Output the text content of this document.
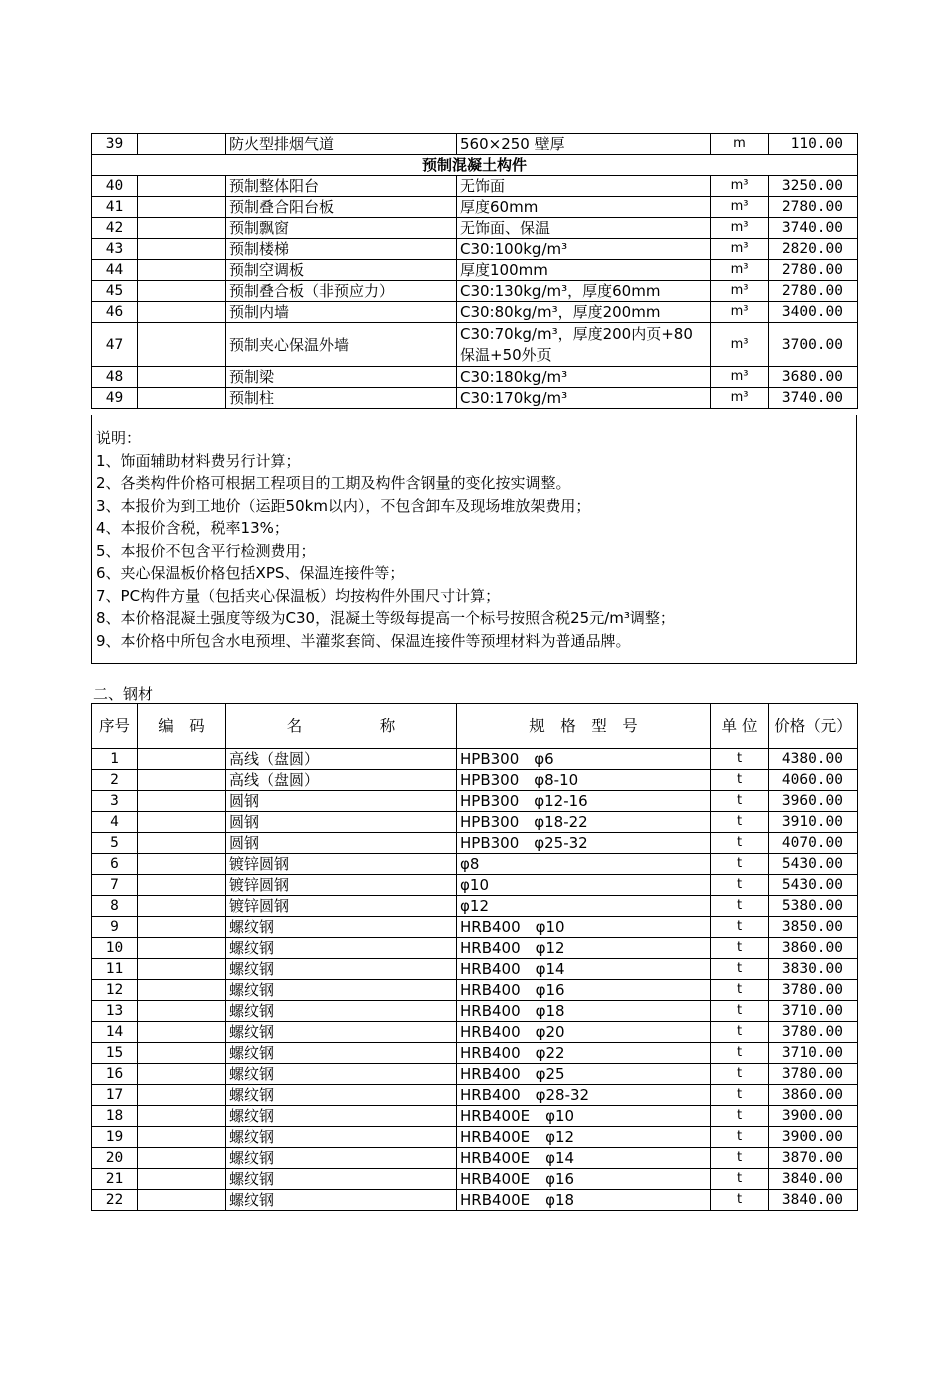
39		防火型排烟气道	560×250 壁厚	m	110.00
预制混凝土构件					
40		预制整体阳台	无饰面	m³	3250.00
41		预制叠合阳台板	厚度60mm	m³	2780.00
42		预制飘窗	无饰面、保温	m³	3740.00
43		预制楼梯	C30:100kg/m³	m³	2820.00
44		预制空调板	厚度100mm	m³	2780.00
45		预制叠合板（非预应力）	C30:130kg/m³，厚度60mm	m³	2780.00
46		预制内墙	C30:80kg/m³，厚度200mm	m³	3400.00
47		预制夹心保温外墙	C30:70kg/m³，厚度200内页+80保温+50外页	m³	3700.00
48		预制梁	C30:180kg/m³	m³	3680.00
49		预制柱	C30:170kg/m³	m³	3740.00
说明：
1、饰面辅助材料费另行计算；
2、各类构件价格可根据工程项目的工期及构件含钢量的变化按实调整。
3、本报价为到工地价（运距50km以内），不包含卸车及现场堆放架费用；
4、本报价含税，税率13%；
5、本报价不包含平行检测费用；
6、夹心保温板价格包括XPS、保温连接件等；
7、PC构件方量（包括夹心保温板）均按构件外围尺寸计算；
8、本价格混凝土强度等级为C30，混凝土等级每提高一个标号按照含税25元/m³调整；
9、本价格中所包含水电预埋、半灌浆套筒、保温连接件等预埋材料为普通品牌。
二、钢材
序号	编　码	名　　　　　称	规　格　型　号	单 位	价格（元）
1		高线（盘圆）	HPB300　φ6	t	4380.00
2		高线（盘圆）	HPB300　φ8-10	t	4060.00
3		圆钢	HPB300　φ12-16	t	3960.00
4		圆钢	HPB300　φ18-22	t	3910.00
5		圆钢	HPB300　φ25-32	t	4070.00
6		镀锌圆钢	φ8	t	5430.00
7		镀锌圆钢	φ10	t	5430.00
8		镀锌圆钢	φ12	t	5380.00
9		螺纹钢	HRB400　φ10	t	3850.00
10		螺纹钢	HRB400　φ12	t	3860.00
11		螺纹钢	HRB400　φ14	t	3830.00
12		螺纹钢	HRB400　φ16	t	3780.00
13		螺纹钢	HRB400　φ18	t	3710.00
14		螺纹钢	HRB400　φ20	t	3780.00
15		螺纹钢	HRB400　φ22	t	3710.00
16		螺纹钢	HRB400　φ25	t	3780.00
17		螺纹钢	HRB400　φ28-32	t	3860.00
18		螺纹钢	HRB400E　φ10	t	3900.00
19		螺纹钢	HRB400E　φ12	t	3900.00
20		螺纹钢	HRB400E　φ14	t	3870.00
21		螺纹钢	HRB400E　φ16	t	3840.00
22		螺纹钢	HRB400E　φ18	t	3840.00
